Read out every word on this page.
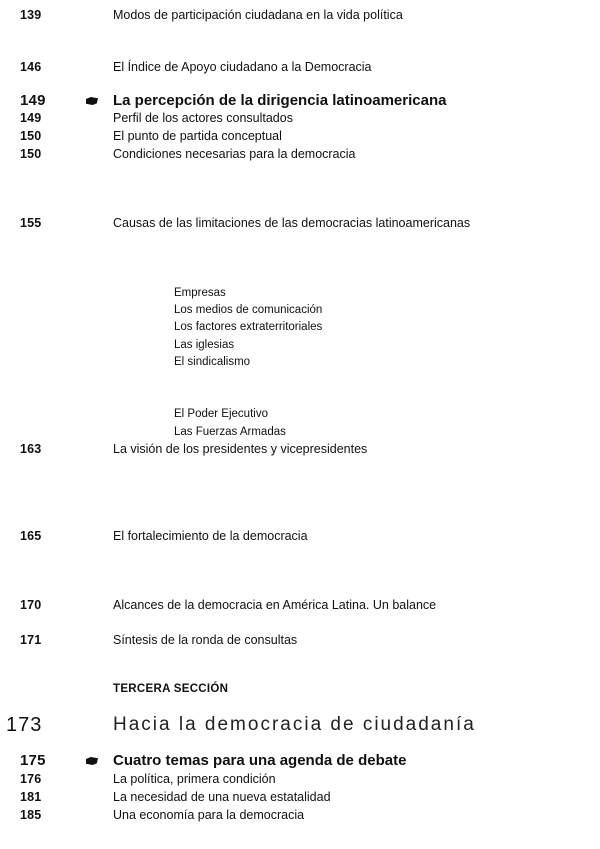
139	Modos de participación ciudadana en la vida política
146	El Índice de Apoyo ciudadano a la Democracia
149	La percepción de la dirigencia latinoamericana
149	Perfil de los actores consultados
150	El punto de partida conceptual
150	Condiciones necesarias para la democracia
155	Causas de las limitaciones de las democracias latinoamericanas
Empresas
Los medios de comunicación
Los factores extraterritoriales
Las iglesias
El sindicalismo
El Poder Ejecutivo
Las Fuerzas Armadas
163	La visión de los presidentes y vicepresidentes
165	El fortalecimiento de la democracia
170	Alcances de la democracia en América Latina. Un balance
171	Síntesis de la ronda de consultas
TERCERA SECCIÓN
173	Hacia la democracia de ciudadanía
175	Cuatro temas para una agenda de debate
176	La política, primera condición
181	La necesidad de una nueva estatalidad
185	Una economía para la democracia
